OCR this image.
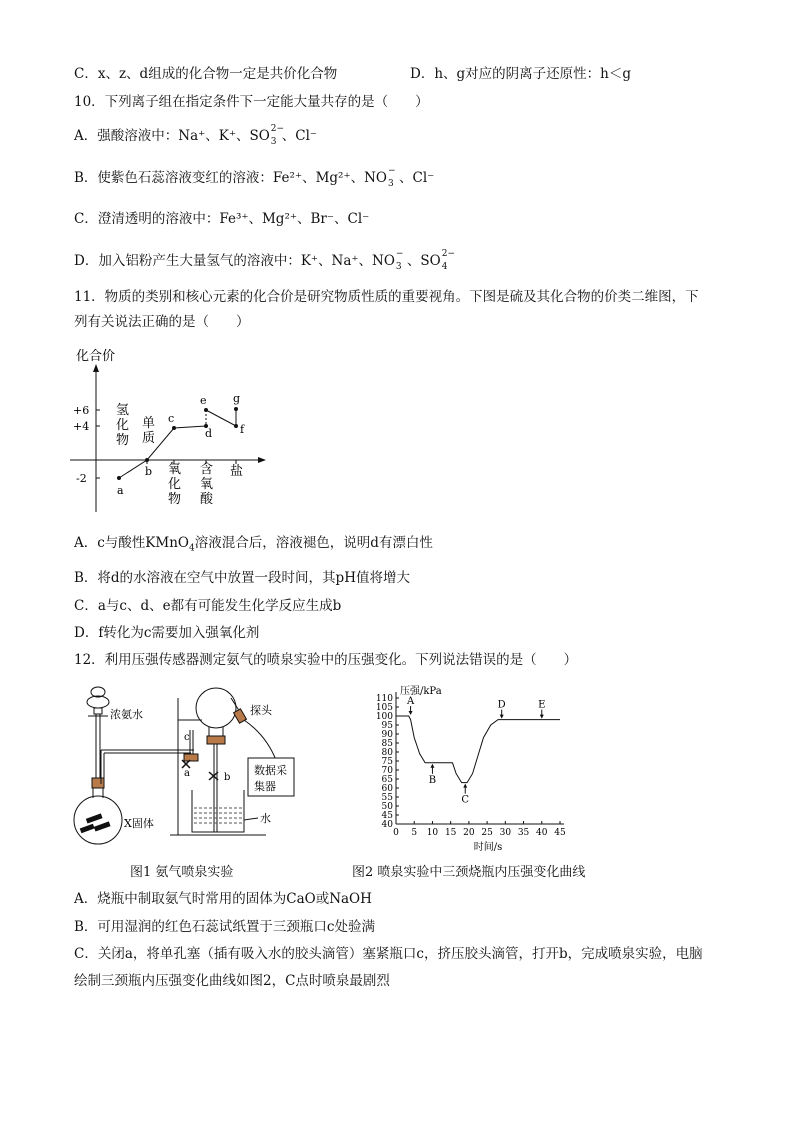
C．x、z、d组成的化合物一定是共价化合物	D．h、g对应的阴离子还原性：h＜g
10．下列离子组在指定条件下一定能大量共存的是（　　）
A．强酸溶液中：Na⁺、K⁺、SO 2−
3 、Cl⁻
B．使紫色石蕊溶液变红的溶液：Fe²⁺、Mg²⁺、NO −
3 、Cl⁻
C．澄清透明的溶液中：Fe³⁺、Mg²⁺、Br⁻、Cl⁻
D．加入铝粉产生大量氢气的溶液中：K⁺、Na⁺、NO −
3 、SO 2−
4
11．物质的类别和核心元素的化合价是研究物质性质的重要视角。下图是硫及其化合物的价类二维图，下
列有关说法正确的是（　　）
化合价
+6
+4
-2
氢化物
单质
氧化物
含氧酸
盐
a
b
c
d
e
f
g
A．c与酸性KMnO$_4$溶液混合后，溶液褪色，说明d有漂白性
B．将d的水溶液在空气中放置一段时间，其pH值将增大
C．a与c、d、e都有可能发生化学反应生成b
D．f转化为c需要加入强氧化剂
12．利用压强传感器测定氨气的喷泉实验中的压强变化。下列说法错误的是（　　）
浓氨水
X固体
c
a	b
探头
数据采
集器
水
图1 氨气喷泉实验
40
45
50
55
60
65
70
75
80
85
90
95
100
105
110
0 5 10 15 20 25 30 35 40 45
压强/kPa
时间/s
A
B
C
D	E
图2 喷泉实验中三颈烧瓶内压强变化曲线
A．烧瓶中制取氨气时常用的固体为CaO或NaOH
B．可用湿润的红色石蕊试纸置于三颈瓶口c处验满
C．关闭a，将单孔塞（插有吸入水的胶头滴管）塞紧瓶口c，挤压胶头滴管，打开b，完成喷泉实验，电脑
绘制三颈瓶内压强变化曲线如图2，C点时喷泉最剧烈
